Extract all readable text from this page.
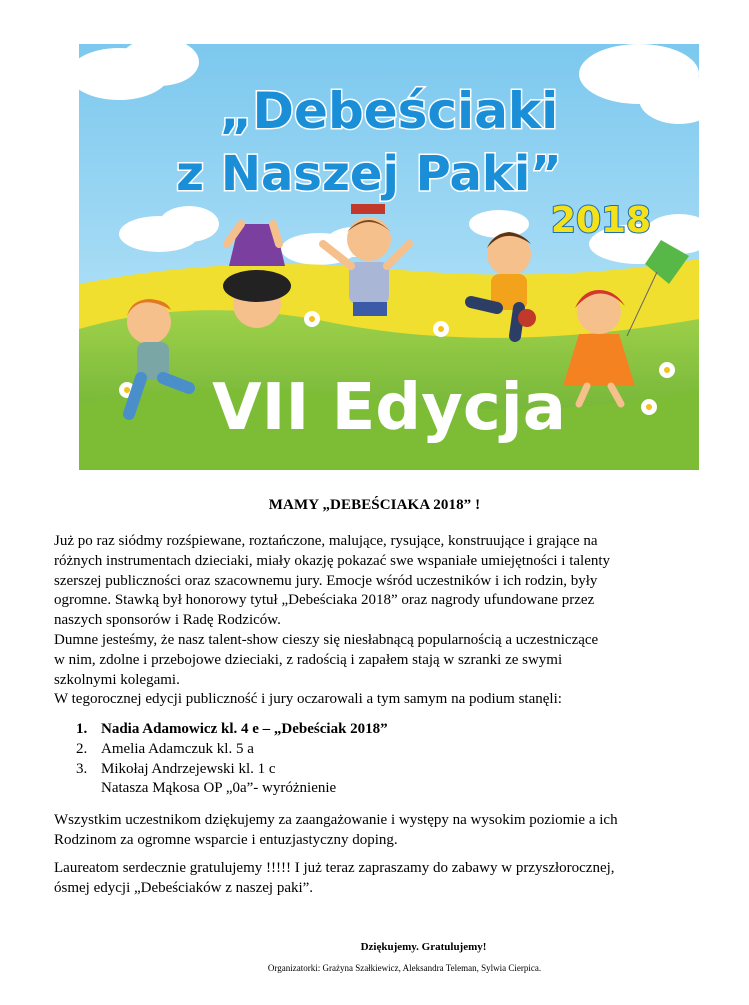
„Debeściaki
z Naszej Paki”
2018
VII Edycja
MAMY „DEBEŚCIAKA 2018” !
Już po raz siódmy rozśpiewane, roztańczone, malujące, rysujące, konstruujące i grające na
różnych instrumentach dzieciaki, miały okazję pokazać swe wspaniałe umiejętności i talenty
szerszej publiczności oraz szacownemu jury. Emocje wśród uczestników i ich rodzin, były
ogromne. Stawką był honorowy tytuł „Debeściaka 2018” oraz nagrody ufundowane przez
naszych sponsorów i Radę Rodziców.
Dumne jesteśmy, że nasz talent-show cieszy się niesłabnącą popularnością a uczestniczące
w nim, zdolne i przebojowe dzieciaki, z radością i zapałem stają w szranki ze swymi
szkolnymi kolegami.
W tegorocznej edycji publiczność i jury oczarowali a tym samym na podium stanęli:
1. Nadia Adamowicz kl. 4 e – „Debeściak 2018”
2. Amelia Adamczuk kl. 5 a
3. Mikołaj Andrzejewski kl. 1 c
Natasza Mąkosa OP „0a”- wyróżnienie
Wszystkim uczestnikom dziękujemy za zaangażowanie i występy na wysokim poziomie a ich
Rodzinom za ogromne wsparcie i entuzjastyczny doping.
Laureatom serdecznie gratulujemy !!!!! I już teraz zapraszamy do zabawy w przyszłorocznej,
ósmej edycji „Debeściaków z naszej paki”.
Dziękujemy. Gratulujemy!
Organizatorki: Grażyna Szałkiewicz, Aleksandra Teleman, Sylwia Cierpica.
